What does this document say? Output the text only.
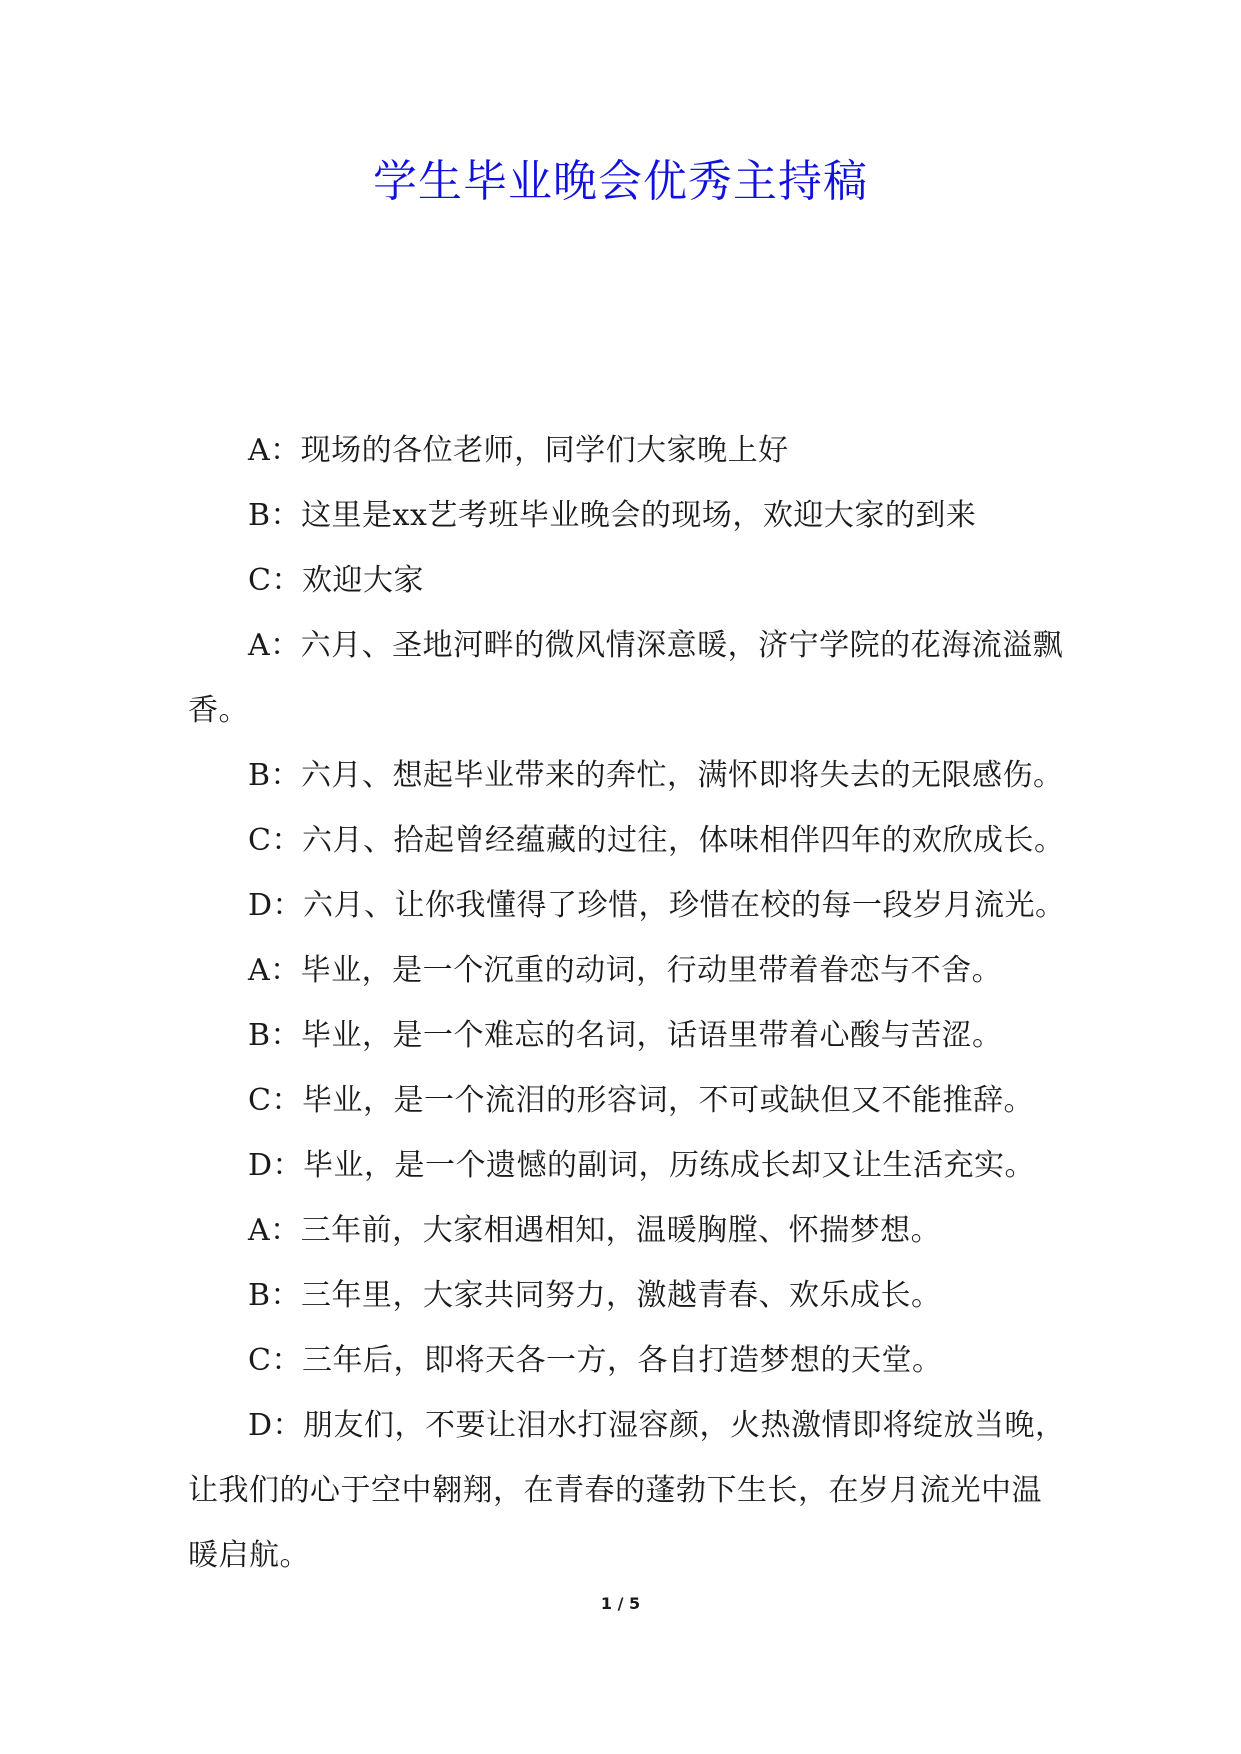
学生毕业晚会优秀主持稿

A：现场的各位老师，同学们大家晚上好

B：这里是xx艺考班毕业晚会的现场，欢迎大家的到来

C：欢迎大家

A：六月、圣地河畔的微风情深意暖，济宁学院的花海流溢飘香。

B：六月、想起毕业带来的奔忙，满怀即将失去的无限感伤。

C：六月、拾起曾经蕴藏的过往，体味相伴四年的欢欣成长。

D：六月、让你我懂得了珍惜，珍惜在校的每一段岁月流光。

A：毕业，是一个沉重的动词，行动里带着眷恋与不舍。

B：毕业，是一个难忘的名词，话语里带着心酸与苦涩。

C：毕业，是一个流泪的形容词，不可或缺但又不能推辞。

D：毕业，是一个遗憾的副词，历练成长却又让生活充实。

A：三年前，大家相遇相知，温暖胸膛、怀揣梦想。

B：三年里，大家共同努力，激越青春、欢乐成长。

C：三年后，即将天各一方，各自打造梦想的天堂。

D：朋友们，不要让泪水打湿容颜，火热激情即将绽放当晚，让我们的心于空中翱翔，在青春的蓬勃下生长，在岁月流光中温暖启航。

1 / 5
